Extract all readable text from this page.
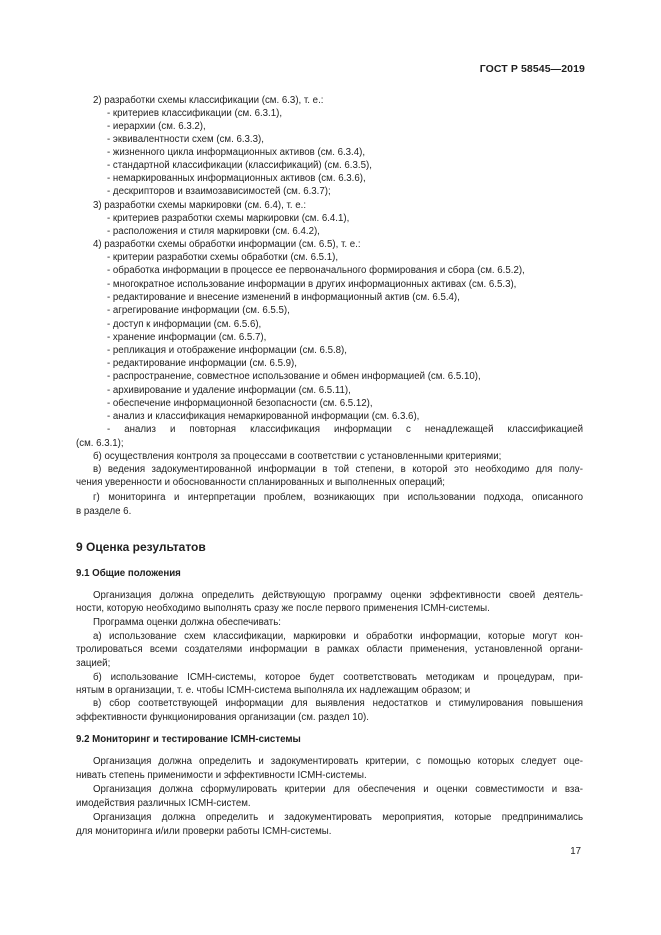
ГОСТ Р 58545—2019
2) разработки схемы классификации (см. 6.3), т. е.:
- критериев классификации (см. 6.3.1),
- иерархии (см. 6.3.2),
- эквивалентности схем (см. 6.3.3),
- жизненного цикла информационных активов (см. 6.3.4),
- стандартной классификации (классификаций) (см. 6.3.5),
- немаркированных информационных активов (см. 6.3.6),
- дескрипторов и взаимозависимостей (см. 6.3.7);
3) разработки схемы маркировки (см. 6.4), т. е.:
- критериев разработки схемы маркировки (см. 6.4.1),
- расположения и стиля маркировки (см. 6.4.2),
4) разработки схемы обработки информации (см. 6.5), т. е.:
- критерии разработки схемы обработки (см. 6.5.1),
- обработка информации в процессе ее первоначального формирования и сбора (см. 6.5.2),
- многократное использование информации в других информационных активах (см. 6.5.3),
- редактирование и внесение изменений в информационный актив (см. 6.5.4),
- агрегирование информации (см. 6.5.5),
- доступ к информации (см. 6.5.6),
- хранение информации (см. 6.5.7),
- репликация и отображение информации (см. 6.5.8),
- редактирование информации (см. 6.5.9),
- распространение, совместное использование и обмен информацией (см. 6.5.10),
- архивирование и удаление информации (см. 6.5.11),
- обеспечение информационной безопасности (см. 6.5.12),
- анализ и классификация немаркированной информации (см. 6.3.6),
- анализ и повторная классификация информации с ненадлежащей классификацией
(см. 6.3.1);
б) осуществления контроля за процессами в соответствии с установленными критериями;
в) ведения задокументированной информации в той степени, в которой это необходимо для полу-
чения уверенности и обоснованности спланированных и выполненных операций;
г) мониторинга и интерпретации проблем, возникающих при использовании подхода, описанного
в разделе 6.
9 Оценка результатов
9.1 Общие положения
Организация должна определить действующую программу оценки эффективности своей деятель-
ности, которую необходимо выполнять сразу же после первого применения ICMH-системы.
Программа оценки должна обеспечивать:
а) использование схем классификации, маркировки и обработки информации, которые могут кон-
тролироваться всеми создателями информации в рамках области применения, установленной органи-
зацией;
б) использование ICMH-системы, которое будет соответствовать методикам и процедурам, при-
нятым в организации, т. е. чтобы ICMH-система выполняла их надлежащим образом; и
в) сбор соответствующей информации для выявления недостатков и стимулирования повышения
эффективности функционирования организации (см. раздел 10).
9.2 Мониторинг и тестирование ICMH-системы
Организация должна определить и задокументировать критерии, с помощью которых следует оце-
нивать степень применимости и эффективности ICMH-системы.
Организация должна сформулировать критерии для обеспечения и оценки совместимости и вза-
имодействия различных ICMH-систем.
Организация должна определить и задокументировать мероприятия, которые предпринимались
для мониторинга и/или проверки работы ICMH-системы.
17
